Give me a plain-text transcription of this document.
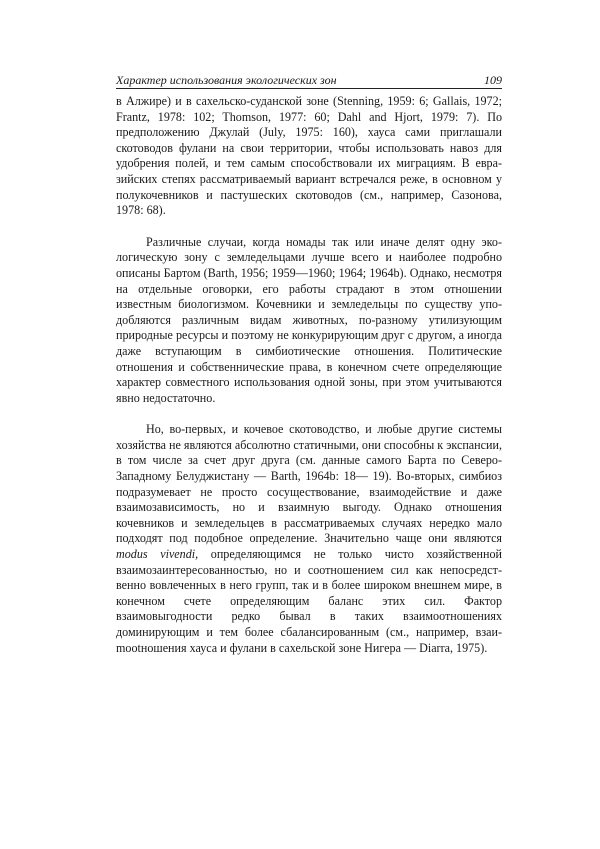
Характер использования экологических зон	109

в Алжире) и в сахельско-суданской зоне (Stenning, 1959: 6; Gallais, 1972; Frantz, 1978: 102; Thomson, 1977: 60; Dahl and Hjort, 1979: 7). По предположению Джулай (July, 1975: 160), хауса сами приглашали скотоводов фулани на свои территории, чтобы использовать навоз для удобрения полей, и тем самым способствовали их миграциям. В евразийских степях рассматриваемый вариант встречался реже, в основном у полукочевников и пастушеских скотоводов (см., например, Сазонова, 1978: 68).

Различные случаи, когда номады так или иначе делят одну экологическую зону с земледельцами лучше всего и наиболее подробно описаны Бартом (Barth, 1956; 1959—1960; 1964; 1964b). Однако, несмотря на отдельные оговорки, его работы страдают в этом отношении известным биологизмом. Кочевники и земледельцы по существу уподобляются различным видам животных, по-разному утилизующим природные ресурсы и поэтому не конкурирующим друг с другом, а иногда даже вступающим в симбиотические отношения. Политические отношения и собственнические права, в конечном счете определяющие характер совместного использования одной зоны, при этом учитываются явно недостаточно.

Но, во-первых, и кочевое скотоводство, и любые другие системы хозяйства не являются абсолютно статичными, они способны к экспансии, в том числе за счет друг друга (см. данные самого Барта по Северо-Западному Белуджистану — Barth, 1964b: 18— 19). Во-вторых, симбиоз подразумевает не просто сосуществование, взаимодействие и даже взаимозависимость, но и взаимную выгоду. Однако отношения кочевников и земледельцев в рассматриваемых случаях нередко мало подходят под подобное определение. Значительно чаще они являются modus vivendi, определяющимся не только чисто хозяйственной взаимозаинтересованностью, но и соотношением сил как непосредственно вовлеченных в него групп, так и в более широком внешнем мире, в конечном счете определяющим баланс этих сил. Фактор взаимовыгодности редко бывал в таких взаимоотношениях доминирующим и тем более сбалансированным (см., например, взаиmootношения хауса и фулани в сахельской зоне Нигера — Diarra, 1975).
